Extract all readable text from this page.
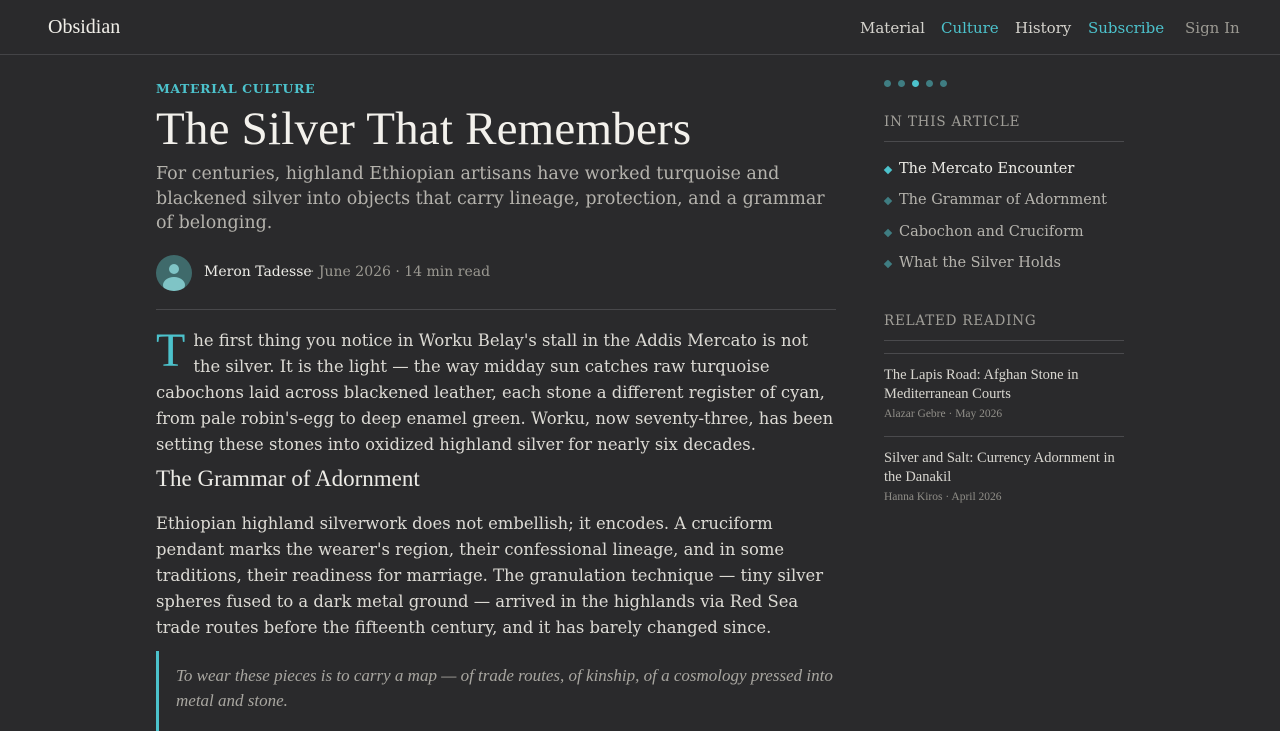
Obsidian	Material Culture History Subscribe Sign In
MATERIAL CULTURE
The Silver That Remembers

For centuries, highland Ethiopian artisans have worked turquoise and blackened silver into objects that carry lineage, protection, and a grammar of belonging.

Meron Tadesse
· June 2026 · 14 min read

The first thing you notice in Worku Belay's stall in the Addis Mercato is not the silver. It is the light — the way midday sun catches raw turquoise cabochons laid across blackened leather, each stone a different register of cyan, from pale robin's-egg to deep enamel green. Worku, now seventy-three, has been setting these stones into oxidized highland silver for nearly six decades.

The Grammar of Adornment

Ethiopian highland silverwork does not embellish; it encodes. A cruciform pendant marks the wearer's region, their confessional lineage, and in some traditions, their readiness for marriage. The granulation technique — tiny silver spheres fused to a dark metal ground — arrived in the highlands via Red Sea trade routes before the fifteenth century, and it has barely changed since.

To wear these pieces is to carry a map — of trade routes, of kinship, of a cosmology pressed into metal and stone.

IN THIS ARTICLE
The Mercato Encounter
The Grammar of Adornment
Cabochon and Cruciform
What the Silver Holds
RELATED READING
The Lapis Road: Afghan Stone in Mediterranean Courts
Alazar Gebre · May 2026
Silver and Salt: Currency Adornment in the Danakil
Hanna Kiros · April 2026
